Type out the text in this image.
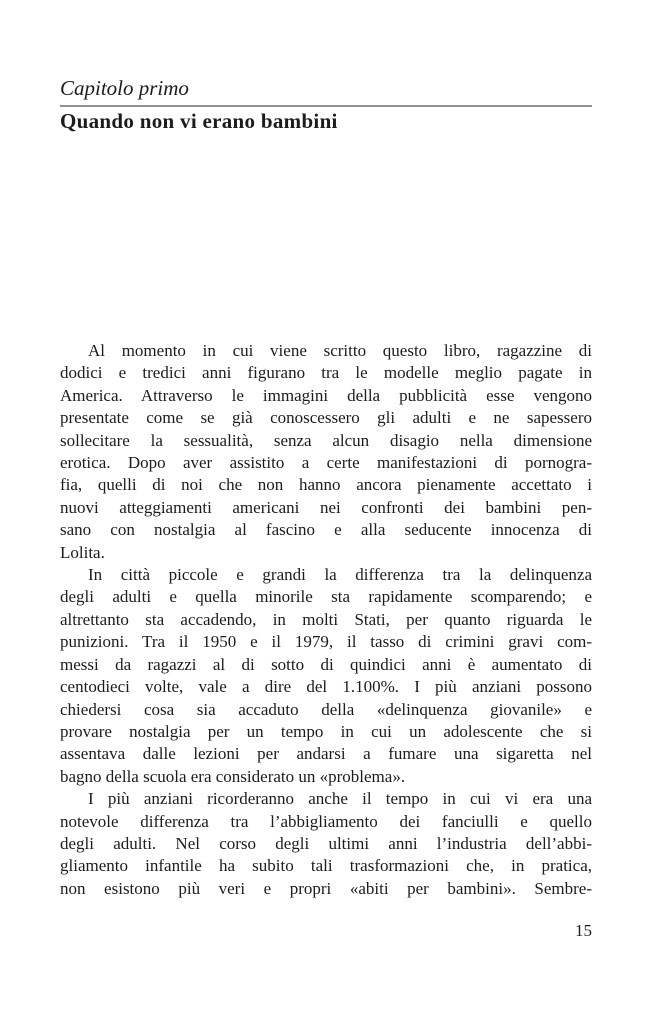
Capitolo primo
Quando non vi erano bambini
Al momento in cui viene scritto questo libro, ragazzine di
dodici e tredici anni figurano tra le modelle meglio pagate in
America. Attraverso le immagini della pubblicità esse vengono
presentate come se già conoscessero gli adulti e ne sapessero
sollecitare la sessualità, senza alcun disagio nella dimensione
erotica. Dopo aver assistito a certe manifestazioni di pornogra-
fia, quelli di noi che non hanno ancora pienamente accettato i
nuovi atteggiamenti americani nei confronti dei bambini pen-
sano con nostalgia al fascino e alla seducente innocenza di
Lolita.
In città piccole e grandi la differenza tra la delinquenza
degli adulti e quella minorile sta rapidamente scomparendo; e
altrettanto sta accadendo, in molti Stati, per quanto riguarda le
punizioni. Tra il 1950 e il 1979, il tasso di crimini gravi com-
messi da ragazzi al di sotto di quindici anni è aumentato di
centodieci volte, vale a dire del 1.100%. I più anziani possono
chiedersi cosa sia accaduto della «delinquenza giovanile» e
provare nostalgia per un tempo in cui un adolescente che si
assentava dalle lezioni per andarsi a fumare una sigaretta nel
bagno della scuola era considerato un «problema».
I più anziani ricorderanno anche il tempo in cui vi era una
notevole differenza tra l’abbigliamento dei fanciulli e quello
degli adulti. Nel corso degli ultimi anni l’industria dell’abbi-
gliamento infantile ha subito tali trasformazioni che, in pratica,
non esistono più veri e propri «abiti per bambini». Sembre-
15
